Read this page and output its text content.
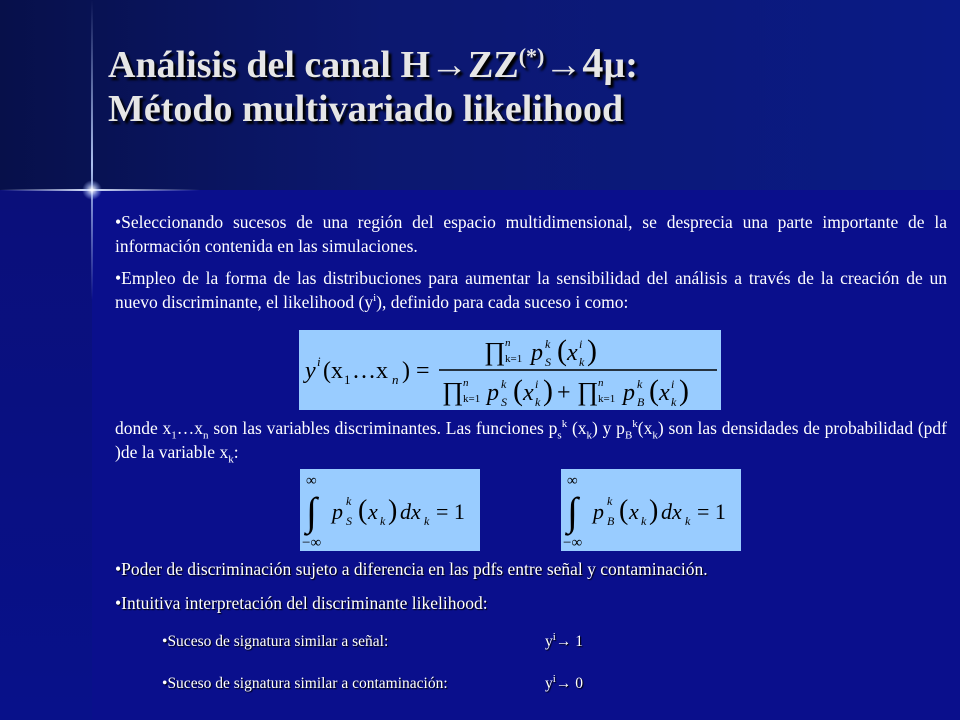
Análisis del canal H→ZZ(*)→4µ:
Método multivariado likelihood

• Seleccionando sucesos de una región del espacio multidimensional, se desprecia una parte importante de la información contenida en las simulaciones.

• Empleo de la forma de las distribuciones para aumentar la sensibilidad del análisis a través de la creación de un nuevo discriminante, el likelihood $(y^i)$, definido para cada suceso i como:

y i (x 1 …x n ) =
∏ n
k=1 p S
k ( x k
i )
∏ n
k=1 p S
k ( x k
i ) + ∏ n
k=1 p B
k ( x k
i )
donde $x_1\dots x_n$ son las variables discriminantes. Las funciones $p_s^k$ $(x_k)$ y $p_B^k(x_k)$ son las densidades de probabilidad (pdf )de la variable $x_k$:
∞
∫
−∞
p S
k ( x k ) dx k = 1
∞
∫
−∞
p B
k ( x k ) dx k = 1

• Poder de discriminación sujeto a diferencia en las pdfs entre señal y contaminación.

• Intuitiva interpretación del discriminante likelihood:

• Suceso de signatura similar a señal:	$y^i\to 1$
• Suceso de signatura similar a contaminación:	$y^i\to 0$
